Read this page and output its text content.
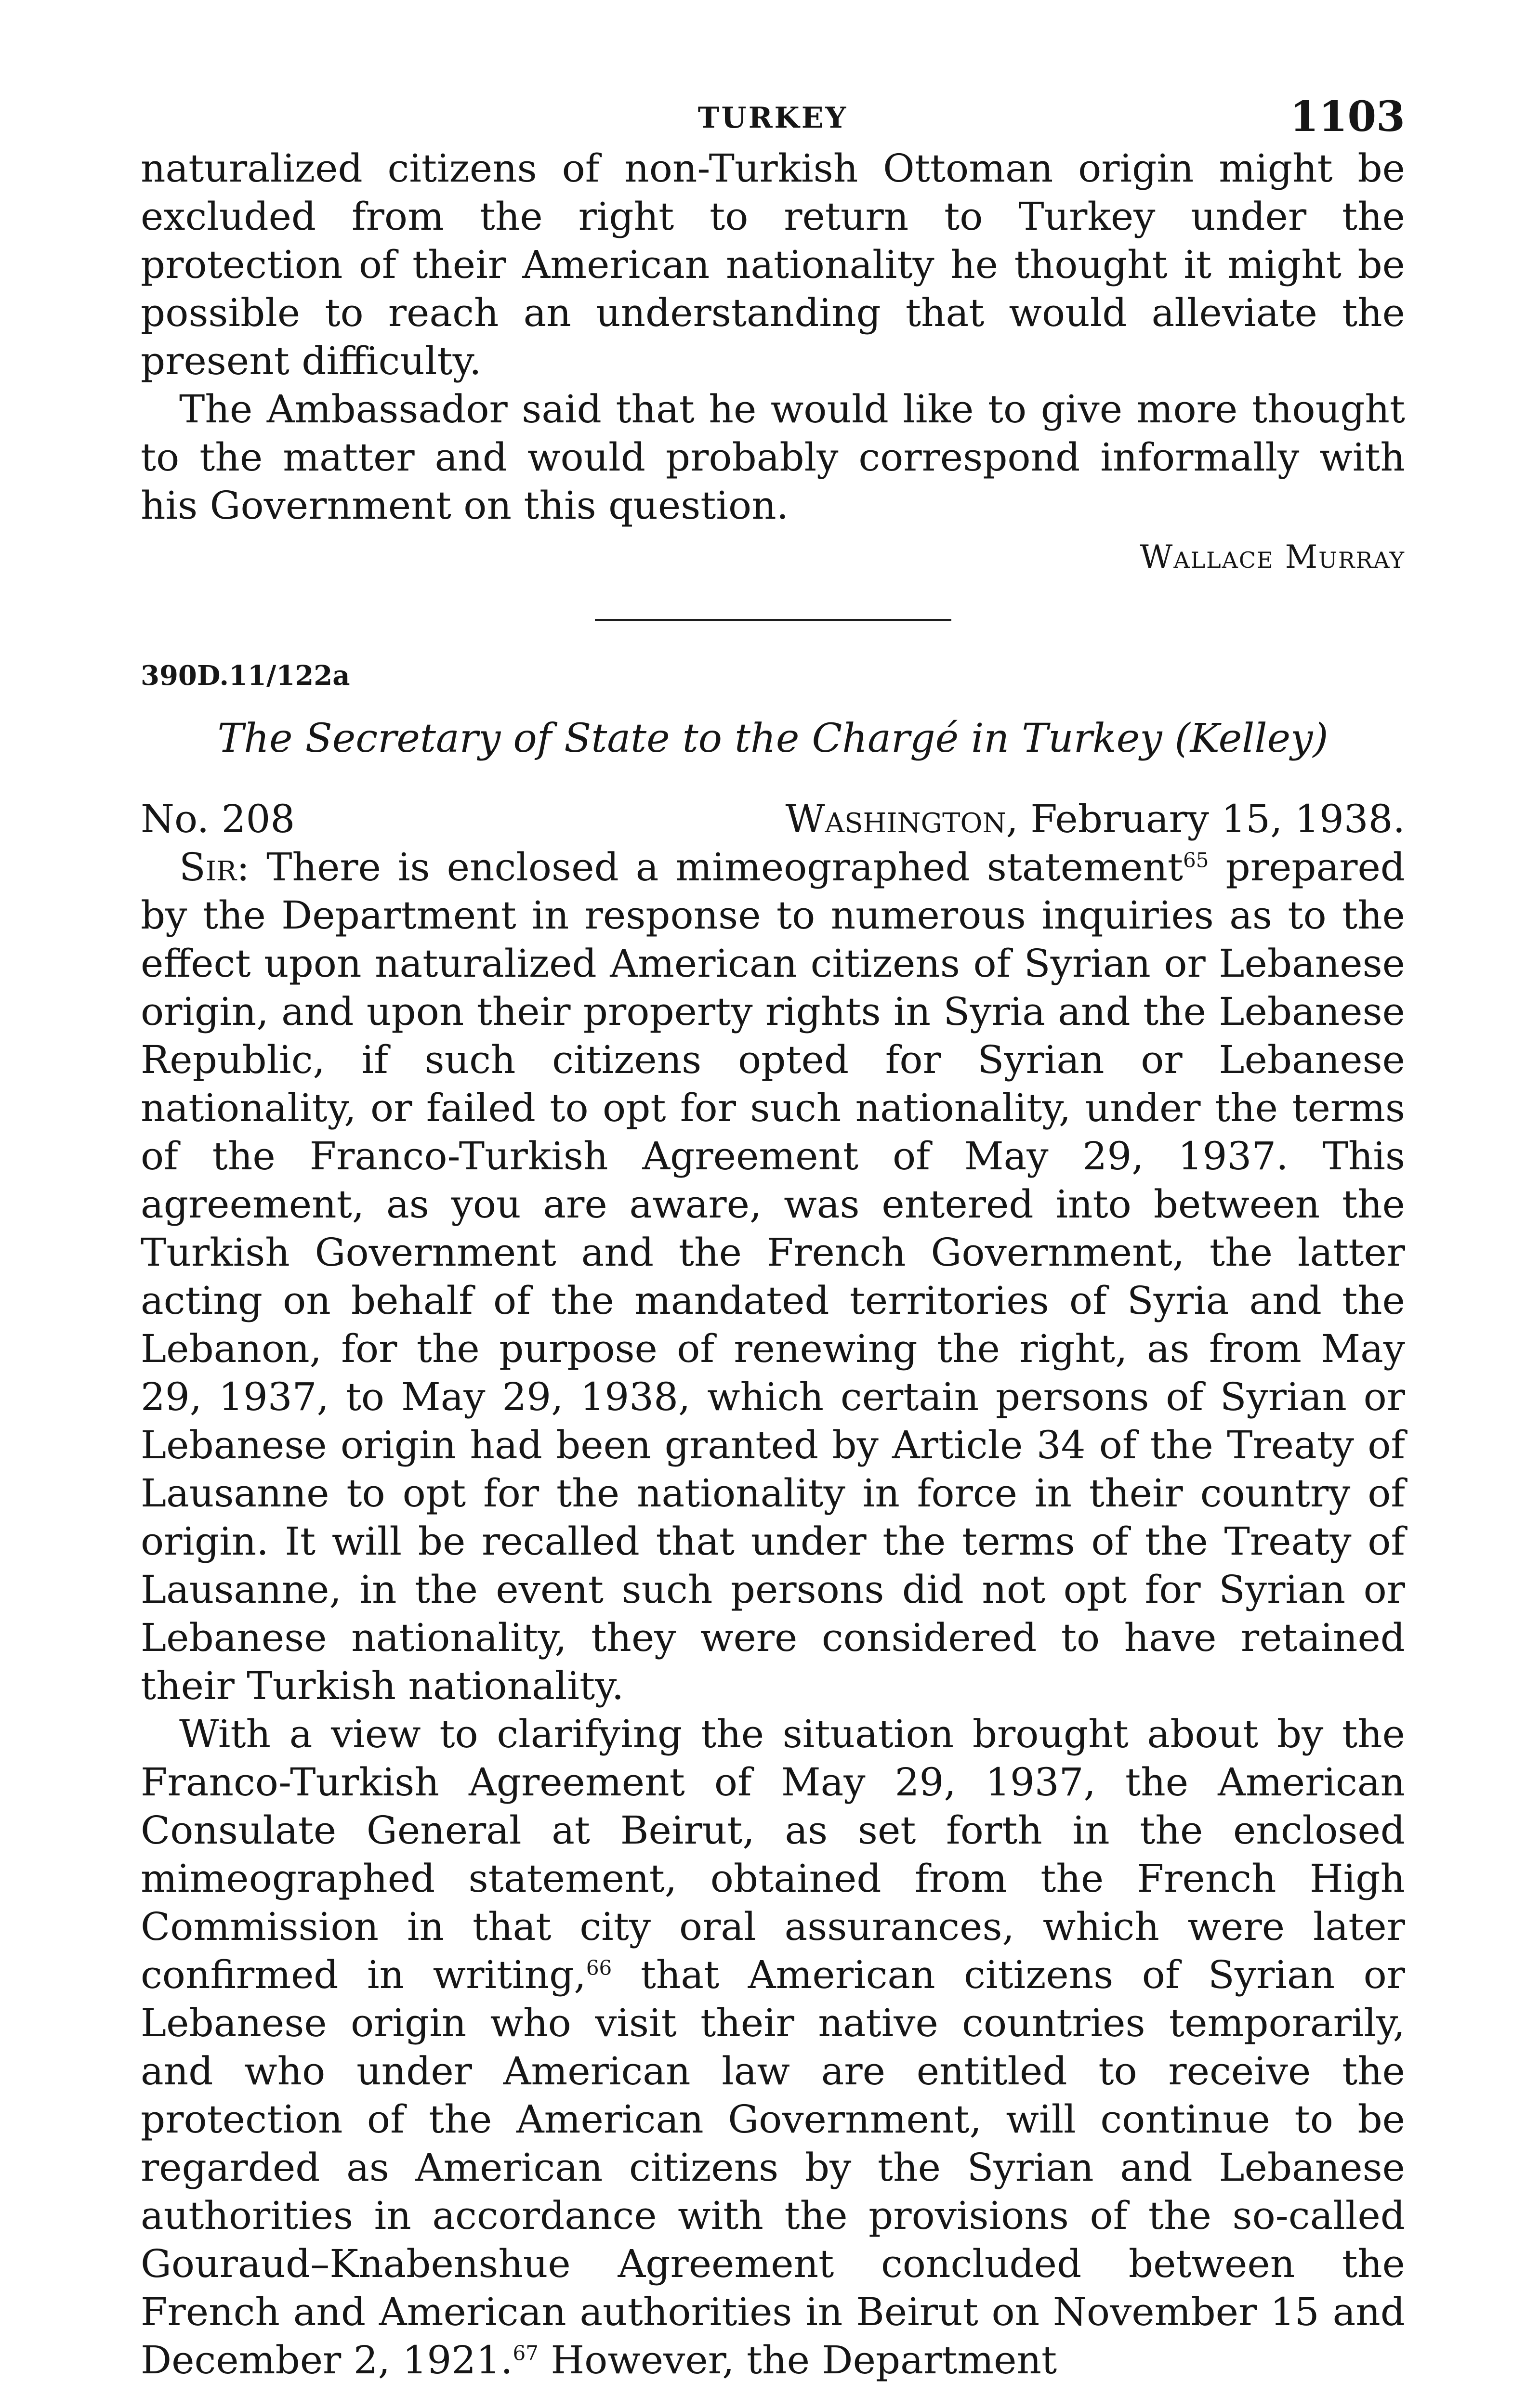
TURKEY	1103

naturalized citizens of non-Turkish Ottoman origin might be excluded from the right to return to Turkey under the protection of their American nationality he thought it might be possible to reach an understanding that would alleviate the present difficulty.

The Ambassador said that he would like to give more thought to the matter and would probably correspond informally with his Government on this question.

Wallace Murray
390D.11/122a
The Secretary of State to the Chargé in Turkey (Kelley)
No. 208	Washington, February 15, 1938.

Sir: There is enclosed a mimeographed statement$^{65}$ prepared by the Department in response to numerous inquiries as to the effect upon naturalized American citizens of Syrian or Lebanese origin, and upon their property rights in Syria and the Lebanese Republic, if such citizens opted for Syrian or Lebanese nationality, or failed to opt for such nationality, under the terms of the Franco-Turkish Agreement of May 29, 1937. This agreement, as you are aware, was entered into between the Turkish Government and the French Government, the latter acting on behalf of the mandated territories of Syria and the Lebanon, for the purpose of renewing the right, as from May 29, 1937, to May 29, 1938, which certain persons of Syrian or Lebanese origin had been granted by Article 34 of the Treaty of Lausanne to opt for the nationality in force in their country of origin. It will be recalled that under the terms of the Treaty of Lausanne, in the event such persons did not opt for Syrian or Lebanese nationality, they were considered to have retained their Turkish nationality.

With a view to clarifying the situation brought about by the Franco-Turkish Agreement of May 29, 1937, the American Consulate General at Beirut, as set forth in the enclosed mimeographed statement, obtained from the French High Commission in that city oral assurances, which were later confirmed in writing,$^{66}$ that American citizens of Syrian or Lebanese origin who visit their native countries temporarily, and who under American law are entitled to receive the protection of the American Government, will continue to be regarded as American citizens by the Syrian and Lebanese authorities in accordance with the provisions of the so-called Gouraud–Knabenshue Agreement concluded between the French and American authorities in Beirut on November 15 and December 2, 1921.67 However, the Department
